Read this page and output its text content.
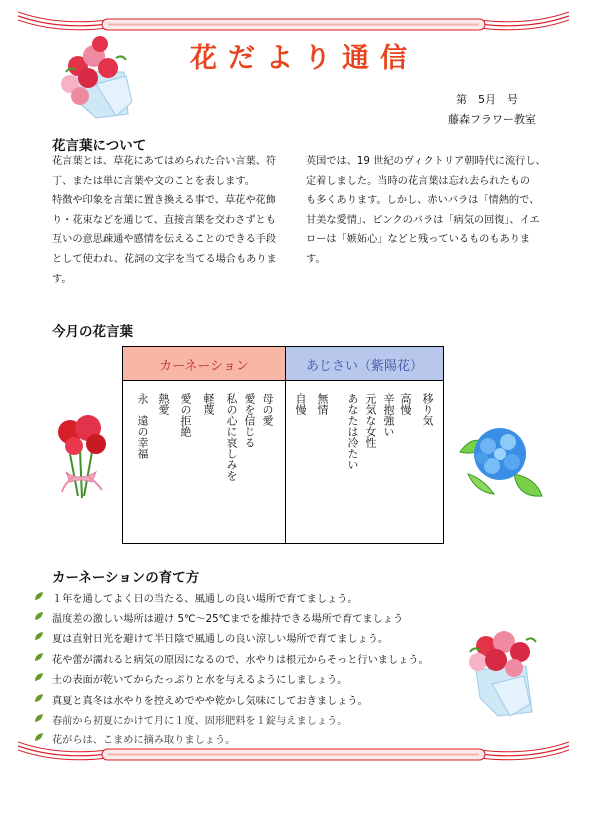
花だより通信
第　5月　号
藤森フラワー教室
花言葉について

花言葉とは、草花にあてはめられた合い言葉、符

丁、または単に言葉や文のことを表します。

特徴や印象を言葉に置き換える事で、草花や花飾

り・花束などを通じて、直接言葉を交わさずとも

互いの意思疎通や感情を伝えることのできる手段

として使われ、花詞の文字を当てる場合もありま

す。

英国では、19 世紀のヴィクトリア朝時代に流行し、

定着しました。当時の花言葉は忘れ去られたもの

も多くあります。しかし、赤いバラは「情熱的で、

甘美な愛情」、ピンクのバラは「病気の回復」、イエ

ローは「嫉妬心」などと残っているものもありま

す。

今月の花言葉
カーネーション	あじさい（紫陽花）
母の愛
愛を信じる
私の心に哀しみを
軽蔑
愛の拒絶
熱愛
永　遠の幸福	移り気
高慢
辛抱強い
元気な女性
あなたは冷たい
無情
自慢
カーネーションの育て方
１年を通してよく日の当たる、風通しの良い場所で育てましょう。
温度差の激しい場所は避け 5℃～25℃までを維持できる場所で育てましょう
夏は直射日光を避けて半日陰で風通しの良い涼しい場所で育てましょう。
花や蕾が濡れると病気の原因になるので、水やりは根元からそっと行いましょう。
土の表面が乾いてからたっぷりと水を与えるようにしましょう。
真夏と真冬は水やりを控えめでやや乾かし気味にしておきましょう。
春前から初夏にかけて月に１度、固形肥料を１錠与えましょう。
花がらは、こまめに摘み取りましょう。
